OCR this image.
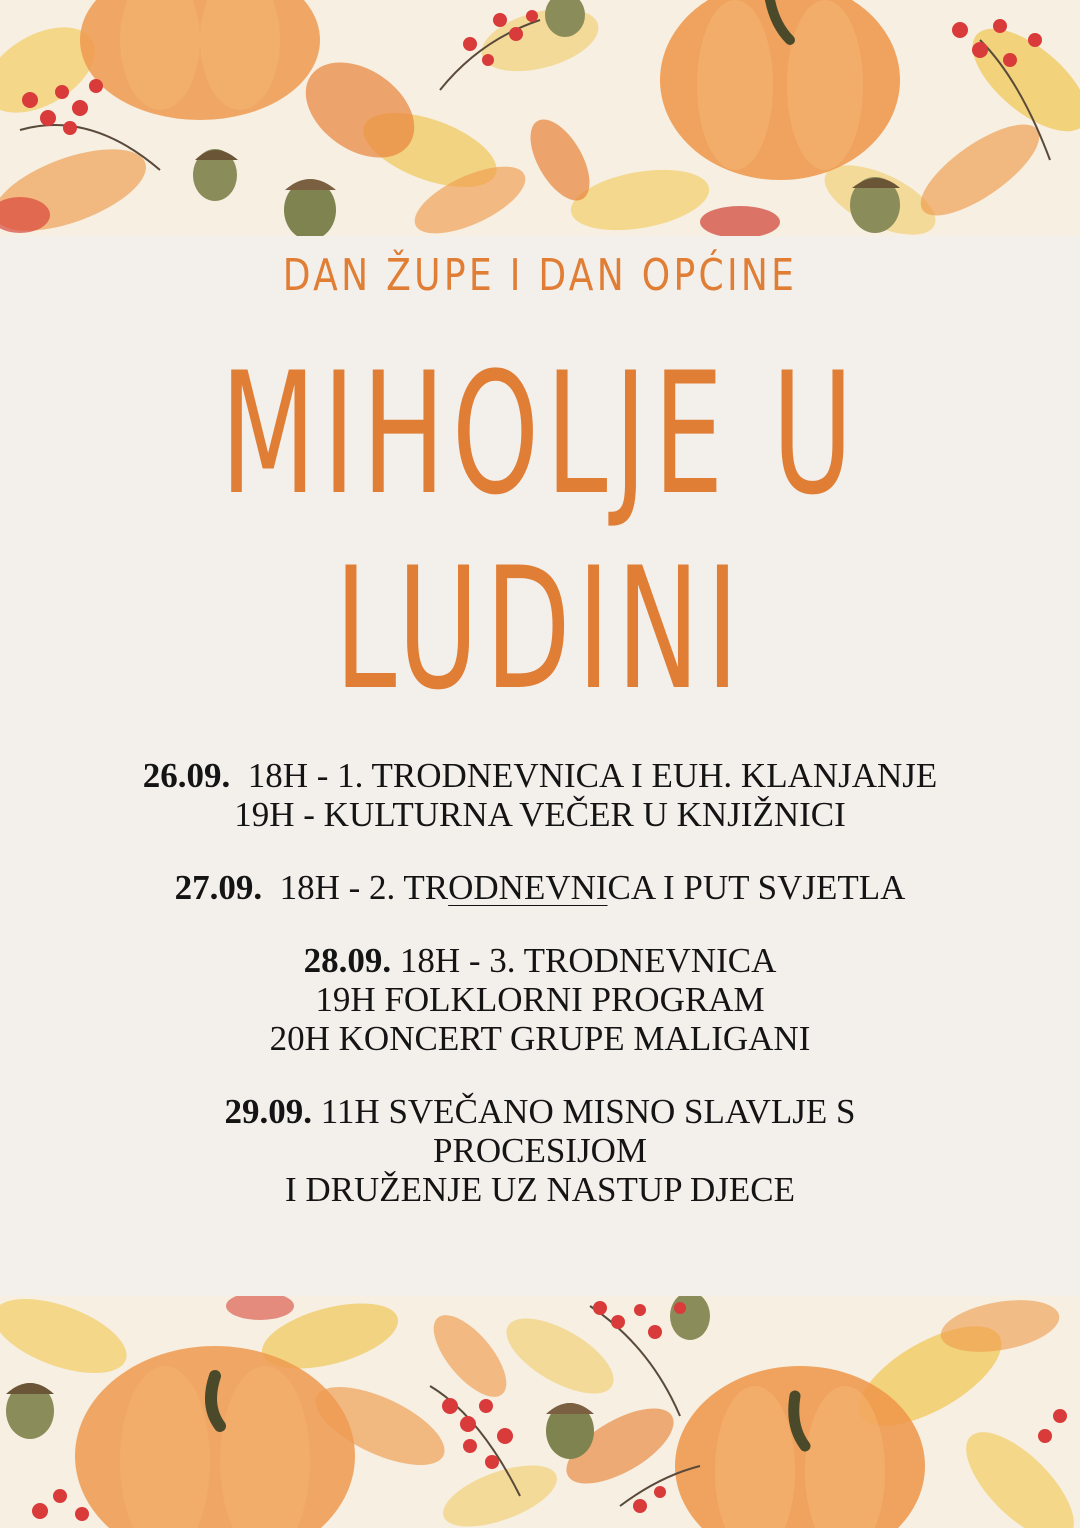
DAN ŽUPE I DAN OPĆINE
MIHOLJE U
LUDINI
26.09. 18H - 1. TRODNEVNICA I EUH. KLANJANJE
19H - KULTURNA VEČER U KNJIŽNICI
27.09. 18H - 2. TRODNEVNICA I PUT SVJETLA
28.09. 18H - 3. TRODNEVNICA
19H FOLKLORNI PROGRAM
20H KONCERT GRUPE MALIGANI
29.09. 11H SVEČANO MISNO SLAVLJE S
PROCESIJOM
I DRUŽENJE UZ NASTUP DJECE
